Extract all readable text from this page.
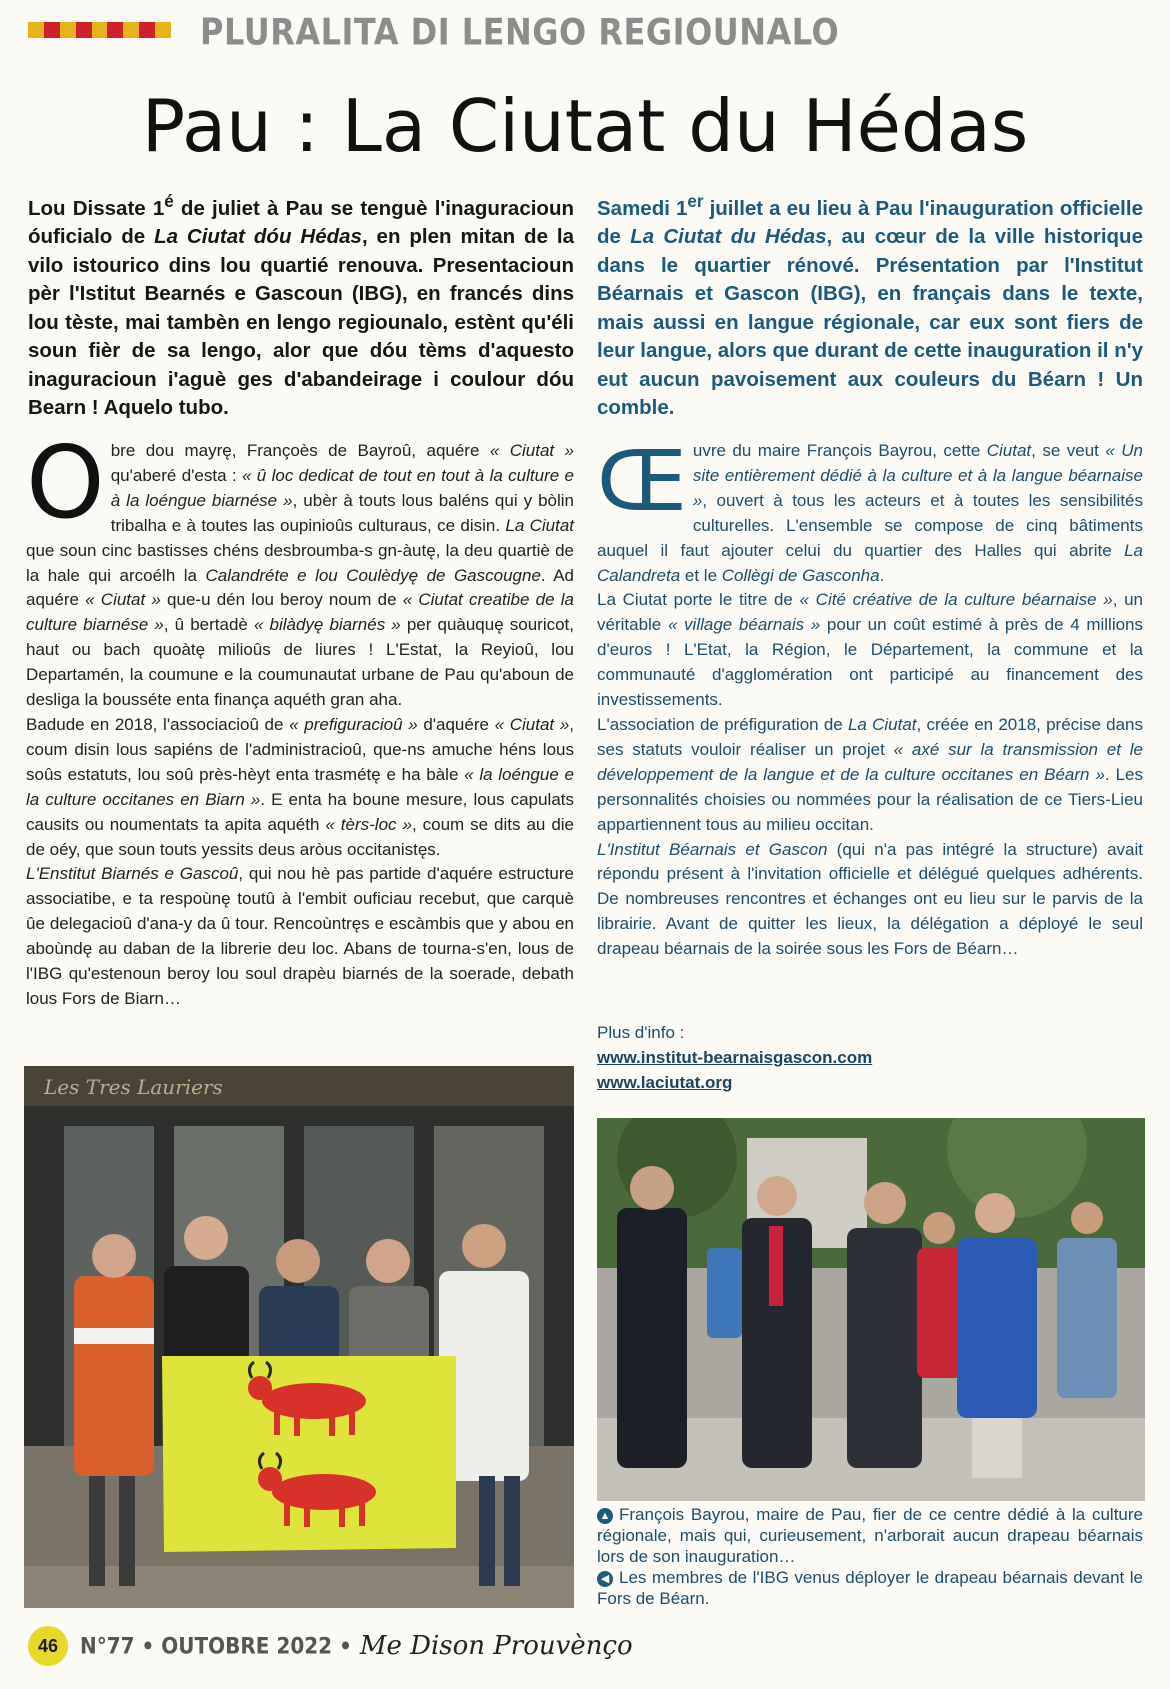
PLURALITA DI LENGO REGIOUNALO
Pau : La Ciutat du Hédas
Lou Dissate $1^é$ de juliet à Pau se tenguè l'inaguracioun óuficialo de La Ciutat dóu Hédas, en plen mitan de la vilo istourico dins lou quartié renouva. Presentacioun pèr l'Istitut Bearnés e Gascoun (IBG), en francés dins lou tèste, mai tambèn en lengo regiounalo, estènt qu'éli soun fièr de sa lengo, alor que dóu tèms d'aquesto inaguracioun i'aguè ges d'abandeirage i coulour dóu Bearn ! Aquelo tubo.
Samedi 1er juillet a eu lieu à Pau l'inauguration officielle de La Ciutat du Hédas, au cœur de la ville historique dans le quartier rénové. Présentation par l'Institut Béarnais et Gascon (IBG), en français dans le texte, mais aussi en langue régionale, car eux sont fiers de leur langue, alors que durant de cette inauguration il n'y eut aucun pavoisement aux couleurs du Béarn ! Un comble.
O bre dou mayrę, Françoès de Bayroû, aquére « Ciutat » qu'aberé d'esta : « û loc dedicat de tout en tout à la culture e à la loéngue biarnése », ubèr à touts lous baléns qui y bòlin tribalha e à toutes las oupinioûs culturaus, ce disin. La Ciutat que soun cinc bastisses chéns desbroumba-s gn-àutę, la deu quartiè de la hale qui arcoélh la Calandréte e lou Coulèdyę de Gascougne. Ad aquére « Ciutat » que-u dén lou beroy noum de « Ciutat creatibe de la culture biarnése », û bertadè « bilàdyę biarnés » per quàuquę souricot, haut ou bach quoàtę milioûs de liures ! L'Estat, la Reyioû, lou Departamén, la coumune e la coumunautat urbane de Pau qu'aboun de desliga la bousséte enta finança aquéth gran aha.

Badude en 2018, l'associacioû de « prefiguracioû » d'aquére « Ciutat », coum disin lous sapiéns de l'administracioû, que-ns amuche héns lous soûs estatuts, lou soû près-hèyt enta trasmétę e ha bàle « la loéngue e la culture occitanes en Biarn ». E enta ha boune mesure, lous capulats causits ou noumentats ta apita aquéth « tèrs-loc », coum se dits au die de oéy, que soun touts yessits deus aròus occitanistęs.

L'Enstitut Biarnés e Gascoû, qui nou hè pas partide d'aquére estructure associatibe, e ta respoùnę toutû à l'embit ouficiau recebut, que carquè ûe delegacioû d'ana-y da û tour. Rencoùntręs e escàmbis que y abou en aboùndę au daban de la librerie deu loc. Abans de tourna-s'en, lous de l'IBG qu'estenoun beroy lou soul drapèu biarnés de la soerade, debath lous Fors de Biarn…

Œ uvre du maire François Bayrou, cette Ciutat, se veut « Un site entièrement dédié à la culture et à la langue béarnaise », ouvert à tous les acteurs et à toutes les sensibilités culturelles. L'ensemble se compose de cinq bâtiments auquel il faut ajouter celui du quartier des Halles qui abrite La Calandreta et le Collègi de Gasconha.

La Ciutat porte le titre de « Cité créative de la culture béarnaise », un véritable « village béarnais » pour un coût estimé à près de 4 millions d'euros ! L'Etat, la Région, le Département, la commune et la communauté d'agglomération ont participé au financement des investissements.

L'association de préfiguration de La Ciutat, créée en 2018, précise dans ses statuts vouloir réaliser un projet « axé sur la transmission et le développement de la langue et de la culture occitanes en Béarn ». Les personnalités choisies ou nommées pour la réalisation de ce Tiers-Lieu appartiennent tous au milieu occitan.

L'Institut Béarnais et Gascon (qui n'a pas intégré la structure) avait répondu présent à l'invitation officielle et délégué quelques adhérents. De nombreuses rencontres et échanges ont eu lieu sur le parvis de la librairie. Avant de quitter les lieux, la délégation a déployé le seul drapeau béarnais de la soirée sous les Fors de Béarn…

Plus d'info :
www.institut-bearnaisgascon.com
www.laciutat.org
Les Tres Lauriers

▲ François Bayrou, maire de Pau, fier de ce centre dédié à la culture régionale, mais qui, curieusement, n'arborait aucun drapeau béarnais lors de son inauguration…

◀ Les membres de l'IBG venus déployer le drapeau béarnais devant le Fors de Béarn.

46	N°77 • OUTOBRE 2022 • Me Dison Prouvènço
